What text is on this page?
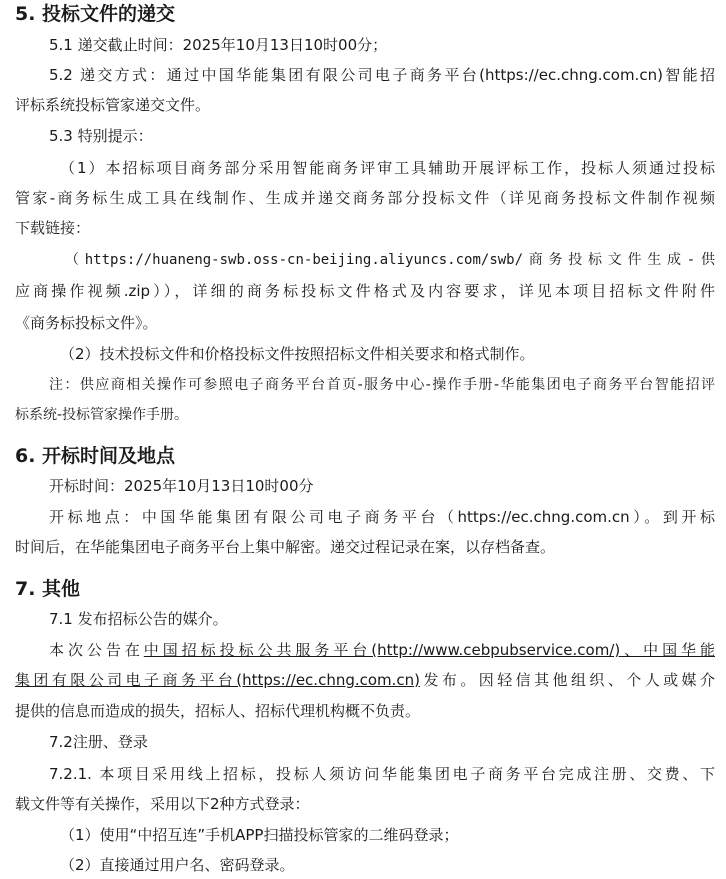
5. 投标文件的递交
5.1 递交截止时间：2025年10月13日10时00分；
5.2 递交方式：通过中国华能集团有限公司电子商务平台(https://ec.chng.com.cn)智能招
评标系统投标管家递交文件。
5.3 特别提示：
（1）本招标项目商务部分采用智能商务评审工具辅助开展评标工作，投标人须通过投标
管家-商务标生成工具在线制作、生成并递交商务部分投标文件（详见商务投标文件制作视频
下载链接：
（https://huaneng-swb.oss-cn-beijing.aliyuncs.com/swb/商务投标文件生成-供
应商操作视频.zip）），详细的商务标投标文件格式及内容要求，详见本项目招标文件附件
《商务标投标文件》。
（2）技术投标文件和价格投标文件按照招标文件相关要求和格式制作。
注：供应商相关操作可参照电子商务平台首页-服务中心-操作手册-华能集团电子商务平台智能招评
标系统-投标管家操作手册。
6. 开标时间及地点
开标时间：2025年10月13日10时00分
开标地点：中国华能集团有限公司电子商务平台（https://ec.chng.com.cn）。到开标
时间后，在华能集团电子商务平台上集中解密。递交过程记录在案，以存档备查。
7. 其他
7.1 发布招标公告的媒介。
本次公告在中国招标投标公共服务平台(http://www.cebpubservice.com/)、中国华能
集团有限公司电子商务平台(https://ec.chng.com.cn)发布。因轻信其他组织、个人或媒介
提供的信息而造成的损失，招标人、招标代理机构概不负责。
7.2注册、登录
7.2.1. 本项目采用线上招标，投标人须访问华能集团电子商务平台完成注册、交费、下
载文件等有关操作，采用以下2种方式登录：
（1）使用“中招互连”手机APP扫描投标管家的二维码登录；
（2）直接通过用户名、密码登录。
